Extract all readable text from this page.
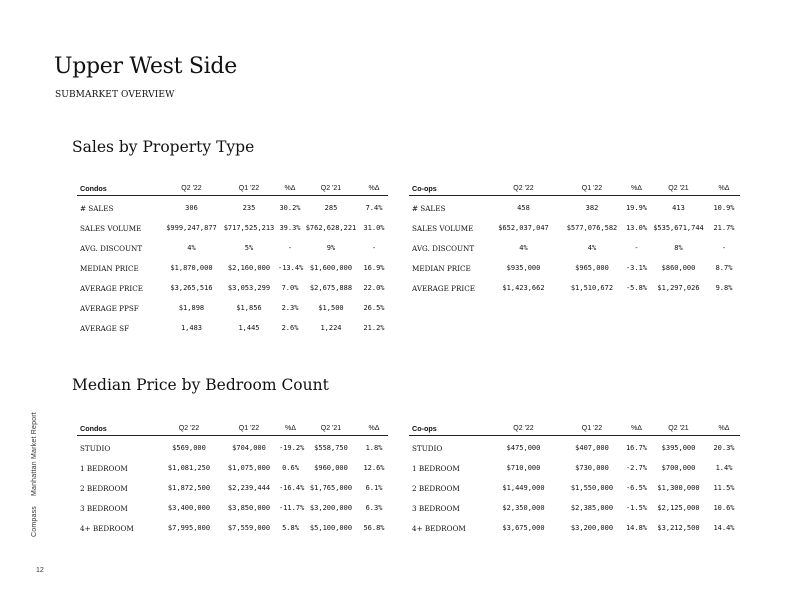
Upper West Side
SUBMARKET OVERVIEW
Sales by Property Type
Condos	Q2 '22	Q1 '22	%Δ	Q2 '21	%Δ
# SALES	306	235	30.2%	285	7.4%
SALES VOLUME	$999,247,877	$717,525,213	39.3%	$762,628,221	31.0%
AVG. DISCOUNT	4%	5%	-	9%	-
MEDIAN PRICE	$1,870,000	$2,160,000	-13.4%	$1,600,000	16.9%
AVERAGE PRICE	$3,265,516	$3,053,299	7.0%	$2,675,888	22.0%
AVERAGE PPSF	$1,898	$1,856	2.3%	$1,500	26.5%
AVERAGE SF	1,483	1,445	2.6%	1,224	21.2%
Co-ops	Q2 '22	Q1 '22	%Δ	Q2 '21	%Δ
# SALES	458	382	19.9%	413	10.9%
SALES VOLUME	$652,037,047	$577,076,582	13.0%	$535,671,744	21.7%
AVG. DISCOUNT	4%	4%	-	8%	-
MEDIAN PRICE	$935,000	$965,000	-3.1%	$860,000	8.7%
AVERAGE PRICE	$1,423,662	$1,510,672	-5.8%	$1,297,026	9.8%
Median Price by Bedroom Count
Condos	Q2 '22	Q1 '22	%Δ	Q2 '21	%Δ
STUDIO	$569,000	$704,000	-19.2%	$558,750	1.8%
1 BEDROOM	$1,081,250	$1,075,000	0.6%	$960,000	12.6%
2 BEDROOM	$1,872,500	$2,239,444	-16.4%	$1,765,000	6.1%
3 BEDROOM	$3,400,000	$3,850,000	-11.7%	$3,200,000	6.3%
4+ BEDROOM	$7,995,000	$7,559,000	5.8%	$5,100,000	56.8%
Co-ops	Q2 '22	Q1 '22	%Δ	Q2 '21	%Δ
STUDIO	$475,000	$407,000	16.7%	$395,000	20.3%
1 BEDROOM	$710,000	$730,000	-2.7%	$700,000	1.4%
2 BEDROOM	$1,449,000	$1,550,000	-6.5%	$1,300,000	11.5%
3 BEDROOM	$2,350,000	$2,385,000	-1.5%	$2,125,000	10.6%
4+ BEDROOM	$3,675,000	$3,200,000	14.8%	$3,212,500	14.4%
CompassManhattan Market Report
12
